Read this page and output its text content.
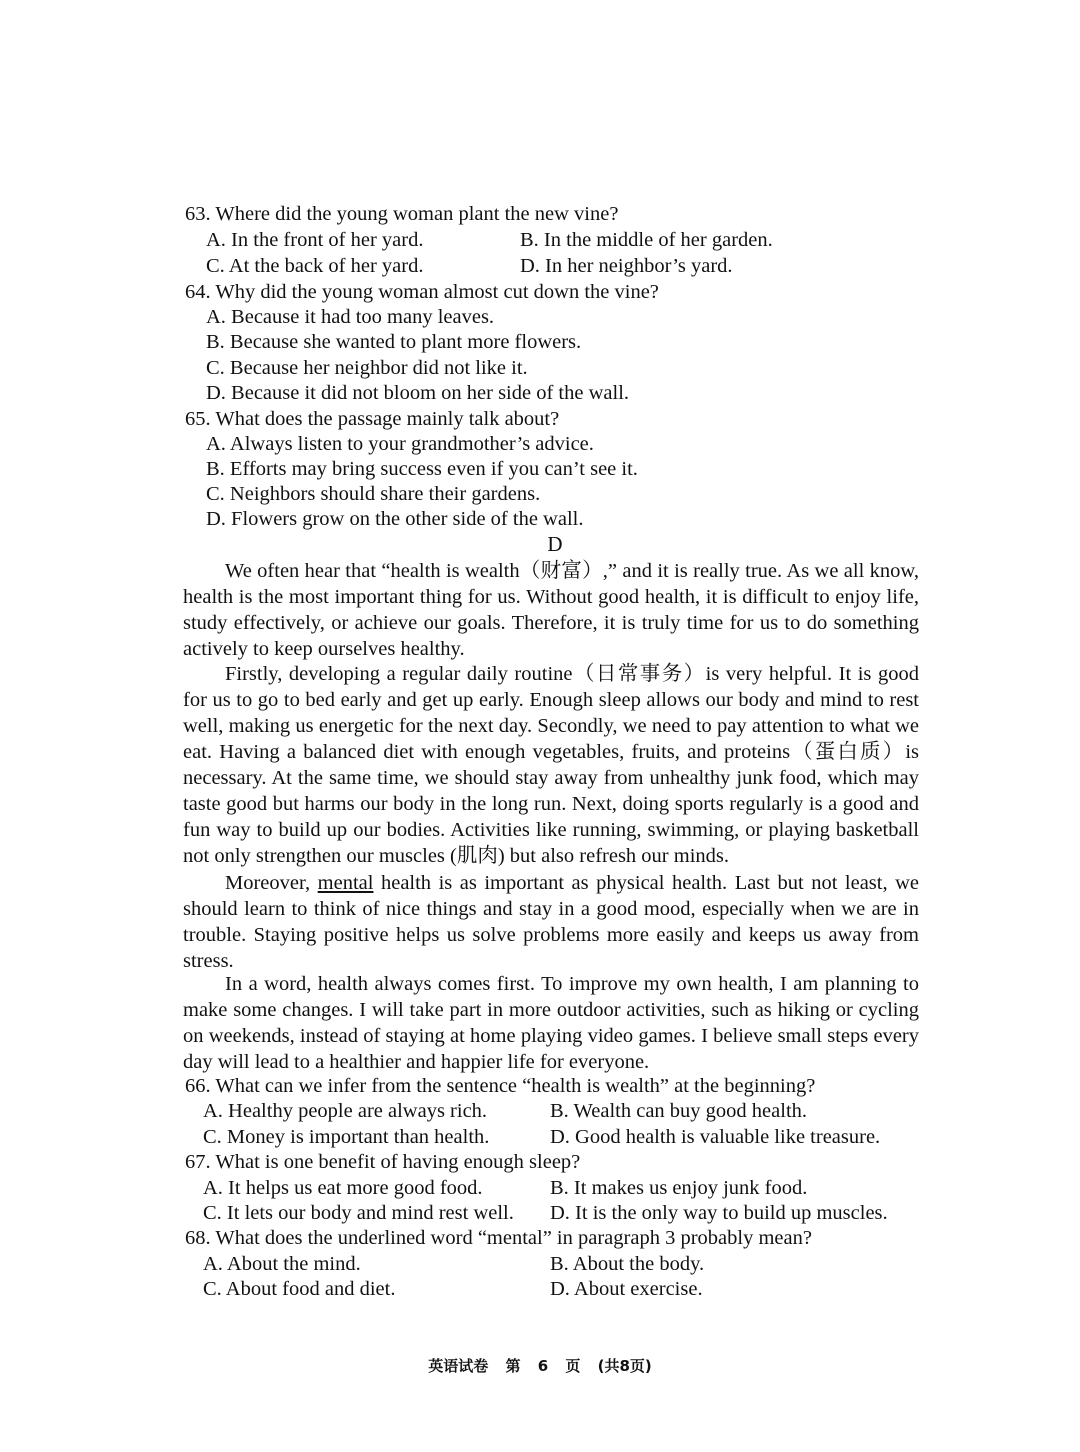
63. Where did the young woman plant the new vine?
A. In the front of her yard.	B. In the middle of her garden.
C. At the back of her yard.	D. In her neighbor’s yard.
64. Why did the young woman almost cut down the vine?
A. Because it had too many leaves.
B. Because she wanted to plant more flowers.
C. Because her neighbor did not like it.
D. Because it did not bloom on her side of the wall.
65. What does the passage mainly talk about?
A. Always listen to your grandmother’s advice.
B. Efforts may bring success even if you can’t see it.
C. Neighbors should share their gardens.
D. Flowers grow on the other side of the wall.
D

We often hear that “health is wealth（财富）,” and it is really true. As we all know, health is the most important thing for us. Without good health, it is difficult to enjoy life, study effectively, or achieve our goals. Therefore, it is truly time for us to do something actively to keep ourselves healthy.

Firstly, developing a regular daily routine（日常事务）is very helpful. It is good for us to go to bed early and get up early. Enough sleep allows our body and mind to rest well, making us energetic for the next day. Secondly, we need to pay attention to what we eat. Having a balanced diet with enough vegetables, fruits, and proteins（蛋白质）is necessary. At the same time, we should stay away from unhealthy junk food, which may taste good but harms our body in the long run. Next, doing sports regularly is a good and fun way to build up our bodies. Activities like running, swimming, or playing basketball not only strengthen our muscles (肌肉) but also refresh our minds.

Moreover, mental health is as important as physical health. Last but not least, we should learn to think of nice things and stay in a good mood, especially when we are in trouble. Staying positive helps us solve problems more easily and keeps us away from stress.

In a word, health always comes first. To improve my own health, I am planning to make some changes. I will take part in more outdoor activities, such as hiking or cycling on weekends, instead of staying at home playing video games. I believe small steps every day will lead to a healthier and happier life for everyone.

66. What can we infer from the sentence “health is wealth” at the beginning?
A. Healthy people are always rich.	B. Wealth can buy good health.
C. Money is important than health.	D. Good health is valuable like treasure.
67. What is one benefit of having enough sleep?
A. It helps us eat more good food.	B. It makes us enjoy junk food.
C. It lets our body and mind rest well. D. It is the only way to build up muscles.
68. What does the underlined word “mental” in paragraph 3 probably mean?
A. About the mind.	B. About the body.
C. About food and diet.	D. About exercise.
英语试卷 第 6 页 (共8页)
